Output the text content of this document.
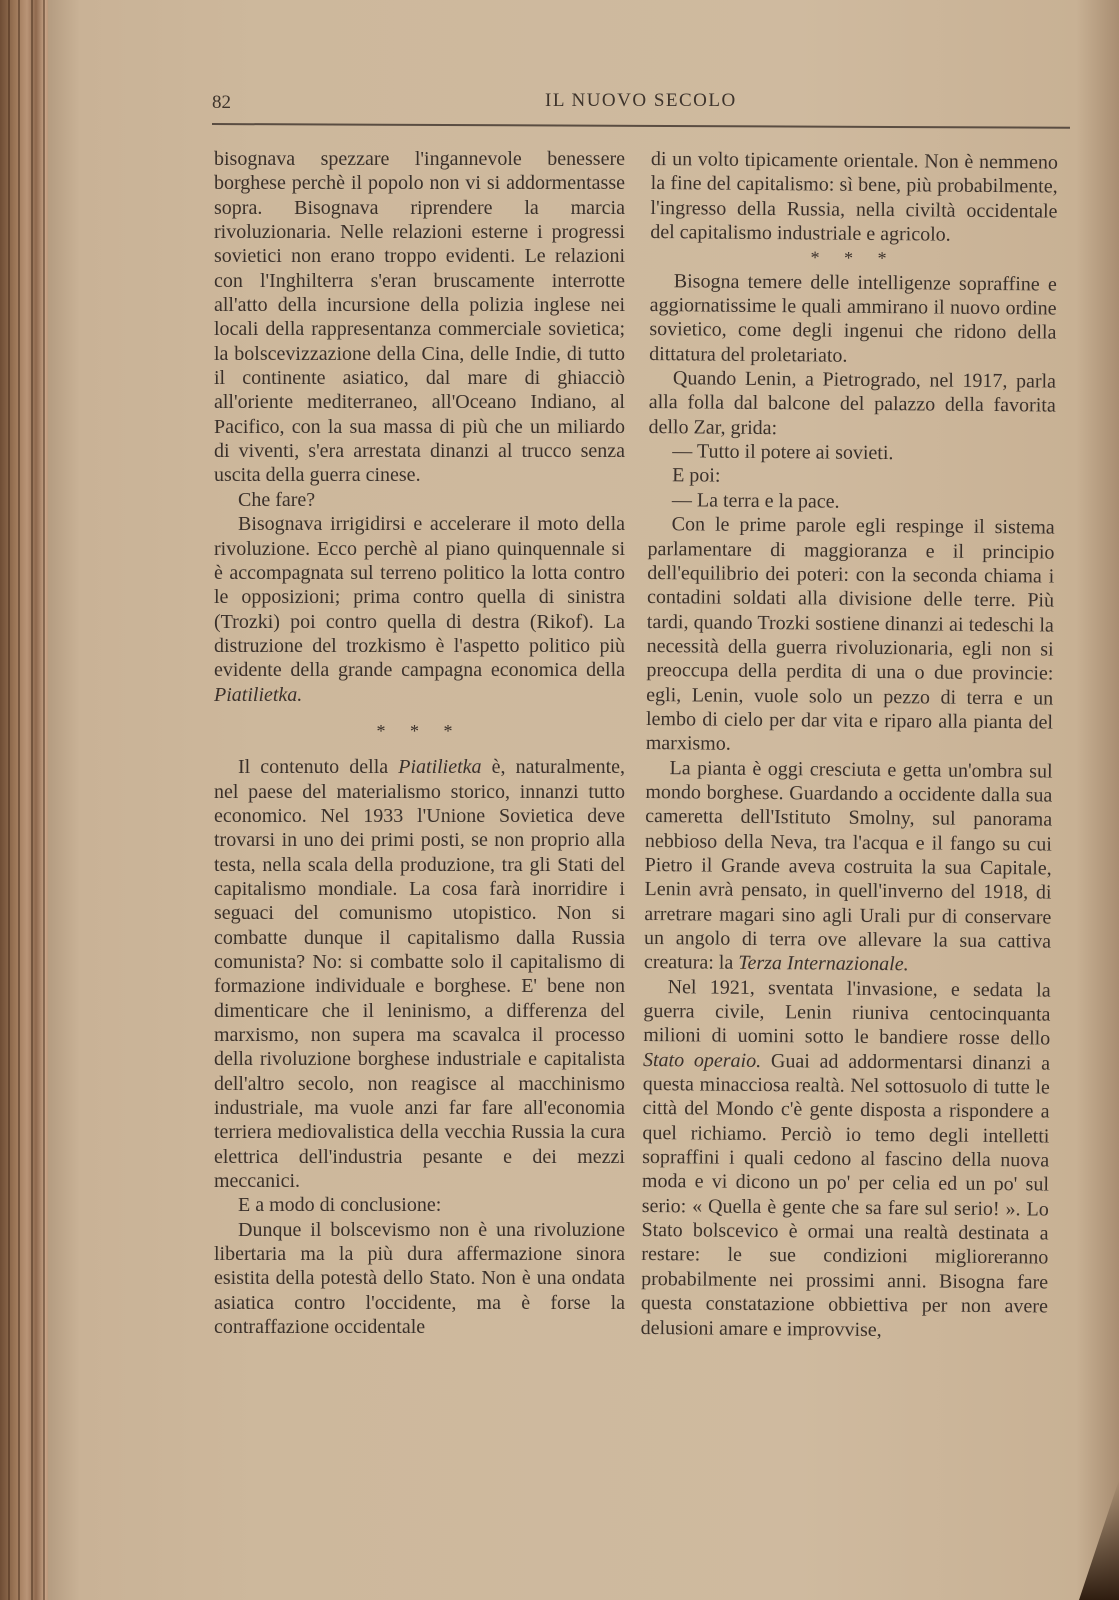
82	IL NUOVO SECOLO

bisognava spezzare l'ingannevole benessere borghese perchè il popolo non vi si addormentasse sopra. Bisognava riprendere la marcia rivoluzionaria. Nelle relazioni esterne i progressi sovietici non erano troppo evidenti. Le relazioni con l'Inghilterra s'eran bruscamente interrotte all'atto della incursione della polizia inglese nei locali della rappresentanza commerciale sovietica; la bolscevizzazione della Cina, delle Indie, di tutto il continente asiatico, dal mare di ghiacciò all'oriente mediterraneo, all'Oceano Indiano, al Pacifico, con la sua massa di più che un miliardo di viventi, s'era arrestata dinanzi al trucco senza uscita della guerra cinese.

Che fare?

Bisognava irrigidirsi e accelerare il moto della rivoluzione. Ecco perchè al piano quinquennale si è accompagnata sul terreno politico la lotta contro le opposizioni; prima contro quella di sinistra (Trozki) poi contro quella di destra (Rikof). La distruzione del trozkismo è l'aspetto politico più evidente della grande campagna economica della Piatilietka.

* * *

Il contenuto della Piatilietka è, naturalmente, nel paese del materialismo storico, innanzi tutto economico. Nel 1933 l'Unione Sovietica deve trovarsi in uno dei primi posti, se non proprio alla testa, nella scala della produzione, tra gli Stati del capitalismo mondiale. La cosa farà inorridire i seguaci del comunismo utopistico. Non si combatte dunque il capitalismo dalla Russia comunista? No: si combatte solo il capitalismo di formazione individuale e borghese. E' bene non dimenticare che il leninismo, a differenza del marxismo, non supera ma scavalca il processo della rivoluzione borghese industriale e capitalista dell'altro secolo, non reagisce al macchinismo industriale, ma vuole anzi far fare all'economia terriera mediovalistica della vecchia Russia la cura elettrica dell'industria pesante e dei mezzi meccanici.

E a modo di conclusione:

Dunque il bolscevismo non è una rivoluzione libertaria ma la più dura affermazione sinora esistita della potestà dello Stato. Non è una ondata asiatica contro l'occidente, ma è forse la contraffazione occidentale

di un volto tipicamente orientale. Non è nemmeno la fine del capitalismo: sì bene, più probabilmente, l'ingresso della Russia, nella civiltà occidentale del capitalismo industriale e agricolo.

* * *

Bisogna temere delle intelligenze sopraffine e aggiornatissime le quali ammirano il nuovo ordine sovietico, come degli ingenui che ridono della dittatura del proletariato.

Quando Lenin, a Pietrogrado, nel 1917, parla alla folla dal balcone del palazzo della favorita dello Zar, grida:

— Tutto il potere ai sovieti.

E poi:

— La terra e la pace.

Con le prime parole egli respinge il sistema parlamentare di maggioranza e il principio dell'equilibrio dei poteri: con la seconda chiama i contadini soldati alla divisione delle terre. Più tardi, quando Trozki sostiene dinanzi ai tedeschi la necessità della guerra rivoluzionaria, egli non si preoccupa della perdita di una o due provincie: egli, Lenin, vuole solo un pezzo di terra e un lembo di cielo per dar vita e riparo alla pianta del marxismo.

La pianta è oggi cresciuta e getta un'ombra sul mondo borghese. Guardando a occidente dalla sua cameretta dell'Istituto Smolny, sul panorama nebbioso della Neva, tra l'acqua e il fango su cui Pietro il Grande aveva costruita la sua Capitale, Lenin avrà pensato, in quell'inverno del 1918, di arretrare magari sino agli Urali pur di conservare un angolo di terra ove allevare la sua cattiva creatura: la Terza Internazionale.

Nel 1921, sventata l'invasione, e sedata la guerra civile, Lenin riuniva centocinquanta milioni di uomini sotto le bandiere rosse dello Stato operaio. Guai ad addormentarsi dinanzi a questa minacciosa realtà. Nel sottosuolo di tutte le città del Mondo c'è gente disposta a rispondere a quel richiamo. Perciò io temo degli intelletti sopraffini i quali cedono al fascino della nuova moda e vi dicono un po' per celia ed un po' sul serio: « Quella è gente che sa fare sul serio! ». Lo Stato bolscevico è ormai una realtà destinata a restare: le sue condizioni miglioreranno probabilmente nei prossimi anni. Bisogna fare questa constatazione obbiettiva per non avere delusioni amare e improvvise,
